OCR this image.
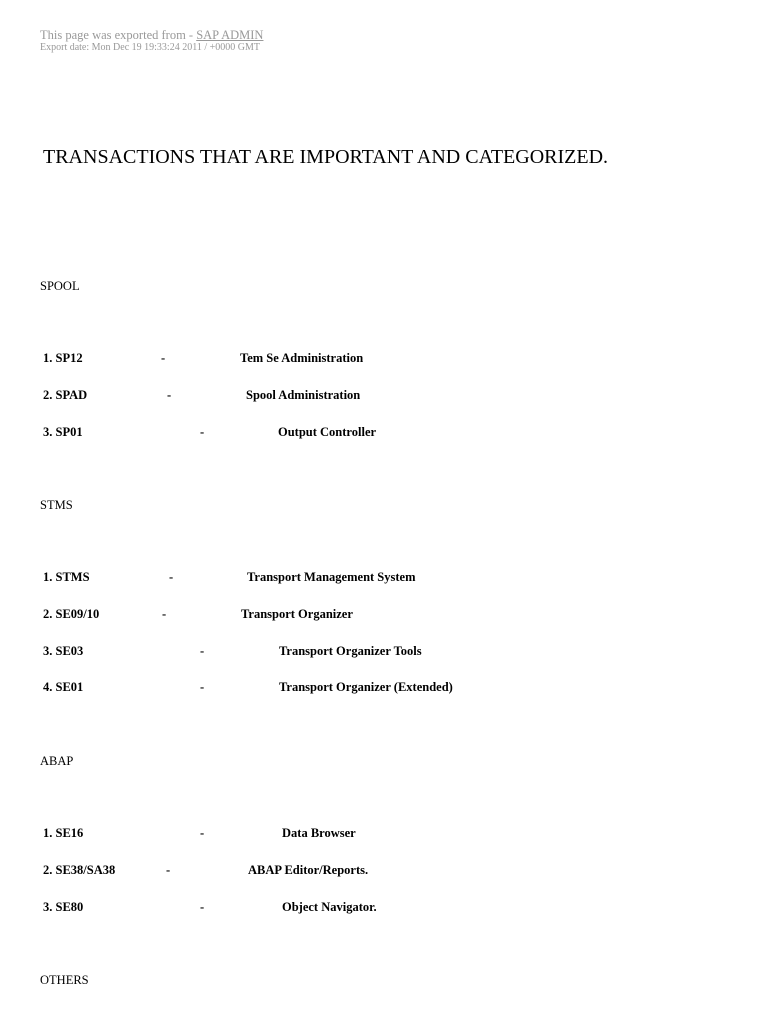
This page was exported from - SAP ADMIN
Export date: Mon Dec 19 19:33:24 2011 / +0000 GMT
TRANSACTIONS THAT ARE IMPORTANT AND CATEGORIZED.
SPOOL
1. SP12	-	Tem Se Administration
2. SPAD	-	Spool Administration
3. SP01	-	Output Controller
STMS
1. STMS	-	Transport Management System
2. SE09/10	-	Transport Organizer
3. SE03	-	Transport Organizer Tools
4. SE01	-	Transport Organizer (Extended)
ABAP
1. SE16	-	Data Browser
2. SE38/SA38	-	ABAP Editor/Reports.
3. SE80	-	Object Navigator.
OTHERS
